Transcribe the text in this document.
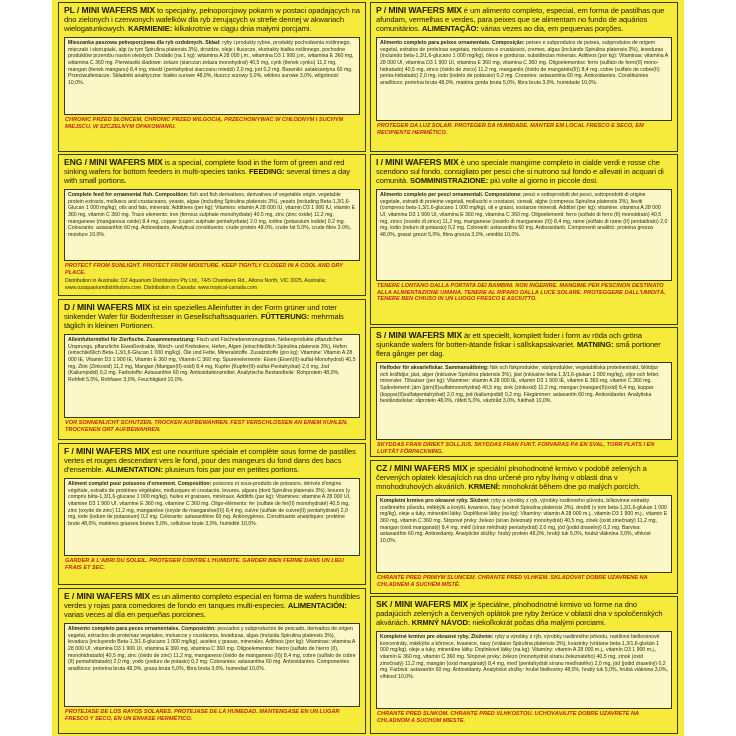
PL / MINI WAFERS MIX to specjalny, pełnoporcjowy pokarm w postaci opadających na dno zielonych i czerwonych wafelków dla ryb żerujących w strefie dennej w akwariach wielogatunkowych. KARMIENIE: kilkakrotnie w ciągu dnia małymi porcjami.
Mieszanka paszowa pełnoporcjowa dla ryb ozdobnych. Skład: ryby i produkty rybne, produkty pochodzenia roślinnego, mięczaki i skorupiaki, algi (w tym Spirulina platensis 3%), drożdże, oleje i tłuszcze, ekstrakty białka roślinnego, pochodne produktów przerobu nasion oleistych. Dodatki (na 1 kg): witamina A 28 000 j.m., witamina D3 1 900 j.m., witamina E 360 mg, witamina C 360 mg. Pierwiastki śladowe: żelazo (siarczan żelaza monohydrat) 40,5 mg, cynk (tlenek cynku) 11,2 mg, mangan (tlenek manganu) 8,4 mg, miedź (pentahydrat siarczanu miedzi) 2,0 mg, jod 0,2 mg. Barwniki: astaksantyna 60 mg. Przeciwutleniacze. Składniki analityczne: białko surowe 48,0%, tłuszcz surowy 5,0%, włókno surowe 3,0%, wilgotność 10,0%.
CHRONIĆ PRZED SŁOŃCEM, CHRONIĆ PRZED WILGOCIĄ. PRZECHOWYWAĆ W CHŁODNYM I SUCHYM MIEJSCU, W SZCZELNYM OPAKOWANIU.
ENG / MINI WAFERS MIX is a special, complete food in the form of green and red sinking wafers for bottom feeders in multi-species tanks. FEEDING: several times a day with small portions.
Complete feed for ornamental fish. Composition: fish and fish derivatives, derivatives of vegetable origin, vegetable protein extracts, molluscs and crustaceans, yeasts, algae (including Spirulina platensis 3%), yeasts (including Beta-1,3/1,6-Glucan 1 000 mg/kg), oils and fats, minerals. Additives (per kg): Vitamins: vitamin A 28 000 IU, vitamin D3 1 900 IU, vitamin E 360 mg, vitamin C 360 mg. Trace elements: iron (ferrous sulphate monohydrate) 40.5 mg, zinc (zinc oxide) 11.2 mg, manganese (manganous oxide) 8.4 mg, copper (cupric sulphate pentahydrate) 2.0 mg, iodine (potassium iodide) 0.2 mg. Colourants: astaxanthin 60 mg. Antioxidants. Analytical constituents: crude protein 48.0%, crude fat 5.0%, crude fibre 3.0%, moisture 10.0%.
PROTECT FROM SUNLIGHT. PROTECT FROM MOISTURE. KEEP TIGHTLY CLOSED IN A COOL AND DRY PLACE.
Distribution in Australia: OZ Aquarium Distributors Pty Ltd., 74/5 Chambers Rd., Altona North, VIC 3025, Australia; www.ozaquariumdistributors.com. Distribution in Canada: www.tropical-canada.com
D / MINI WAFERS MIX ist ein spezielles Alleinfutter in der Form grüner und roter sinkender Wafer für Bodenfresser in Gesellschaftsaquarien. FÜTTERUNG: mehrmals täglich in kleinen Portionen.
Alleinfuttermittel für Zierfische. Zusammensetzung: Fisch und Fischnebenerzeugnisse, Nebenprodukte pflanzlichen Ursprungs, pflanzliche Eiweißextrakte, Weich- und Krebstiere, Hefen, Algen (einschließlich Spirulina platensis 3%), Hefen (einschließlich Beta-1,3/1,6-Glucan 1 000 mg/kg), Öle und Fette, Mineralstoffe. Zusatzstoffe (pro kg): Vitamine: Vitamin A 28 000 IE, Vitamin D3 1 900 IE, Vitamin E 360 mg, Vitamin C 360 mg. Spurenelemente: Eisen (Eisen(II)-sulfat-Monohydrat) 40,5 mg, Zink (Zinkoxid) 11,2 mg, Mangan (Mangan(II)-oxid) 8,4 mg, Kupfer (Kupfer(II)-sulfat-Pentahydrat) 2,0 mg, Jod (Kaliumjodid) 0,2 mg. Farbstoffe: Astaxanthin 60 mg. Antioxidationsmittel. Analytische Bestandteile: Rohprotein 48,0%, Rohfett 5,0%, Rohfaser 3,0%, Feuchtigkeit 10,0%.
VOR SONNENLICHT SCHÜTZEN. TROCKEN AUFBEWAHREN. FEST VERSCHLOSSEN AN EINEM KÜHLEN, TROCKENEN ORT AUFBEWAHREN.
F / MINI WAFERS MIX est une nourriture spéciale et complète sous forme de pastilles vertes et rouges descendant vers le fond, pour des mangeurs du fond dans des bacs d'ensemble. ALIMENTATION: plusieurs fois par jour en petites portions.
Aliment complet pour poissons d'ornement. Composition: poissons et sous-produits de poissons, dérivés d'origine végétale, extraits de protéines végétales, mollusques et crustacés, levures, algues (dont Spirulina platensis 3%), levures (y compris bêta-1,3/1,6-glucane 1 000 mg/kg), huiles et graisses, minéraux. Additifs (par kg): Vitamines: vitamine A 28 000 UI, vitamine D3 1 900 UI, vitamine E 360 mg, vitamine C 360 mg. Oligo-éléments: fer (sulfate de fer(II) monohydraté) 40,5 mg, zinc (oxyde de zinc) 11,2 mg, manganèse (oxyde de manganèse(II)) 8,4 mg, cuivre (sulfate de cuivre(II) pentahydraté) 2,0 mg, iode (iodure de potassium) 0,2 mg. Colorants: astaxanthine 60 mg. Antioxygènes. Constituants analytiques: protéine brute 48,0%, matières grasses brutes 5,0%, cellulose brute 3,0%, humidité 10,0%.
GARDER À L'ABRI DU SOLEIL. PROTÉGER CONTRE L'HUMIDITÉ. GARDER BIEN FERMÉ DANS UN LIEU FRAIS ET SEC.
E / MINI WAFERS MIX es un alimento completo especial en forma de wafers hundibles verdes y rojas para comedores de fondo en tanques multi-especies. ALIMENTACIÓN: varias veces al día en pequeñas porciones.
Alimento completo para peces ornamentales. Composición: pescados y subproductos de pescado, derivados de origen vegetal, extractos de proteínas vegetales, moluscos y crustáceos, levaduras, algas (incluida Spirulina platensis 3%), levadura (incluyendo Beta-1,3/1,6-glucano 1 000 mg/kg), aceites y grasas, minerales. Aditivos (por kg): Vitaminas: vitamina A 28 000 UI, vitamina D3 1 900 UI, vitamina E 360 mg, vitamina C 360 mg. Oligoelementos: hierro (sulfato de hierro (II), monohidratado) 40,5 mg, zinc (óxido de zinc) 11,2 mg, manganeso (óxido de manganeso (II)) 8,4 mg, cobre (sulfato de cobre (II) pentahidratado) 2,0 mg, yodo (yoduro de potasio) 0,2 mg. Colorantes: astaxantina 60 mg. Antioxidantes. Componentes analíticos: proteína bruta 48,0%, grasa bruta 5,0%, fibra bruta 3,0%, humedad 10,0%.
PROTÉJASE DE LOS RAYOS SOLARES. PROTÉJASE DE LA HUMEDAD. MANTÉNGASE EN UN LUGAR FRESCO Y SECO, EN UN ENVASE HERMÉTICO.
P / MINI WAFERS MIX é um alimento completo, especial, em forma de pastilhas que afundam, vermelhas e verdes, para peixes que se alimentam no fundo de aquários comunitários. ALIMENTAÇÃO: várias vezes ao dia, em pequenas porções.
Alimento completo para peixes ornamentais. Composição: peixes e subprodutos de peixes, subprodutos de origem vegetal, extratos de proteínas vegetais, moluscos e crustáceos, cremes, algas (incluindo Spirulina platensis 3%), leveduras (incluindo beta-1,3/1,6-glucano 1 000 mg/kg), óleos e gorduras, substâncias minerais. Aditivos (por kg): Vitaminas: vitamina A 28 000 UI, vitamina D3 1 900 UI, vitamina E 360 mg, vitamina C 360 mg. Oligoelementos: ferro (sulfato de ferro(II) mono-hidratado) 40,5 mg, zinco (óxido de zinco) 11,2 mg, manganês (óxido de manganês(II)) 8,4 mg, cobre (sulfato de cobre(II) penta-hidratado) 2,0 mg, iodo (iodeto de potássio) 0,2 mg. Corantes: astaxantina 60 mg. Antioxidantes. Constituintes analíticos: proteína bruta 48,0%, matéria gorda bruta 5,0%, fibra bruta 3,0%, humidade 10,0%.
PROTEGER DA LUZ SOLAR. PROTEGER DA HUMIDADE. MANTER EM LOCAL FRESCO E SECO, EM RECIPIENTE HERMÉTICO.
I / MINI WAFERS MIX è uno speciale mangime completo in cialde verdi e rosse che scendono sul fondo, consigliato per pesci che si nutrono sul fondo e allevati in acquari di comunità. SOMMINISTRAZIONE: più volte al giorno in piccole dosi.
Alimento completo per pesci ornamentali. Composizione: pesci e sottoprodotti dei pesci, sottoprodotti di origine vegetale, estratti di proteine vegetali, molluschi e crostacei, cereali, alghe (compresa Spirulina platensis 3%), lieviti (compreso beta-1,3/1,6-glucano 1 000 mg/kg), oli e grassi, sostanze minerali. Additivi (per kg): vitamine: vitamina A 28 000 UI, vitamina D3 1 900 UI, vitamina E 360 mg, vitamina C 360 mg. Oligoelementi: ferro (solfato di ferro (II) monoidrato) 40,5 mg, zinco (ossido di zinco) 11,2 mg, manganese (ossido di manganese (II)) 8,4 mg, rame (solfato di rame (II) pentaidrato) 2,0 mg, iodio (ioduro di potassio) 0,2 mg. Coloranti: astaxantina 60 mg. Antiossidanti. Componenti analitici: proteina grezza 48,0%, grassi grezzi 5,0%, fibra grezza 3,0%, umidità 10,0%.
TENERE LONTANO DALLA PORTATA DEI BAMBINI. NON INGERIRE. MANGIME PER PESCINON DESTINATO ALLA ALIMENTAZIONE UMANA. TENERE AL RIPARO DALLA LUCE SOLARE. PROTEGGERE DALL'UMIDITÀ. TENERE BEN CHIUSO IN UN LUOGO FRESCO E ASCIUTTO.
S / MINI WAFERS MIX är ett speciellt, komplett foder i form av röda och gröna sjunkande wafers för botten-ätande fiskar i sällskapsakvariet. MATNING: små portioner flera gånger per dag.
Helfoder för akvariefiskar. Sammansättning: fisk och fiskprodukter, växtprodukter, vegetabiliska proteinextrakt, blötdjur och kräftdjur, jäst, alger (inklusive Spirulina platensis 3%), jäst (inklusive beta-1,3/1,6-glukan 1 000 mg/kg), oljor och fetter, mineraler. Tillsatser (per kg): Vitaminer: vitamin A 28 000 IE, vitamin D3 1 900 IE, vitamin E 360 mg, vitamin C 360 mg. Spårelement: järn (järn(II)sulfatmonohydrat) 40,5 mg, zink (zinkoxid) 11,2 mg, mangan (mangan(II)oxid) 8,4 mg, koppar (koppar(II)sulfatpentahydrat) 2,0 mg, jod (kaliumjodid) 0,2 mg. Färgämnen: astaxantin 60 mg. Antioxidanter. Analytiska beståndsdelar: råprotein 48,0%, råfett 5,0%, växttråd 3,0%, fukthalt 10,0%.
SKYDDAS FRÅN DIREKT SOLLJUS. SKYDDAS FRÅN FUKT. FÖRVARAS PÅ EN SVAL, TORR PLATS I EN LUFTÄT FÖRPACKNING.
CZ / MINI WAFERS MIX je speciální plnohodnotné krmivo v podobě zelených a červených oplatek klesajících na dno určené pro ryby living v oblasti dna v mnohodruhových akváriích. KRMENÍ: mnohokrát během dne po malých porcích.
Kompletní krmivo pro okrasné ryby. Složení: ryby a výrobky z ryb, výrobky rostlinného původu, bílkovinné extrakty rostlinného původu, měkkýši a korýši, kvasnice, řasy (včetně Spirulina platensis 3%), droždí (v tom beta-1,3/1,6-glukan 1 000 mg/kg), oleje a tuky, minerální látky. Doplňkové látky (na kg): Vitamíny: vitamin A 28 000 m.j., vitamin D3 1 900 m.j., vitamin E 360 mg, vitamin C 360 mg. Stopové prvky: železo (síran železnatý monohydrát) 40,5 mg, zinek (oxid zinečnatý) 11,2 mg, mangan (oxid manganatý) 8,4 mg, měď (síran měďnatý pentahydrát) 2,0 mg, jód (jodid draselný) 0,2 mg. Barviva: astaxanthin 60 mg. Antioxidanty. Analytické složky: hrubý protein 48,0%, hrubý tuk 5,0%, hrubá vláknina 3,0%, vlhkost 10,0%.
CHRAŇTE PŘED PŘÍMÝM SLUNCEM. CHRAŇTE PŘED VLHKEM. SKLADOVAT DOBŘE UZAVŘENÉ NA CHLADNÉM A SUCHÉM MÍSTĚ.
SK / MINI WAFERS MIX je špeciálne, plnohodnotné krmivo vo forme na dno padajúcich zelených a červených oplátok pre ryby žerúce v oblasti dna v spoločenských akváriách. KRMNÝ NÁVOD: niekoľkokrát počas dňa malými porciami.
Kompletné krmivo pre okrasné ryby. Zloženie: ryby a výrobky z rýb, výrobky rastlinného pôvodu, rastlinné bielkovinové koncentráty, mäkkýše a kôrovce, kvasnice, riasy (vrátane Spirulina platensis 3%), kvasinky (vrátane beta-1,3/1,6-glukán 1 000 mg/kg), oleje a tuky, minerálne látky. Doplnkové látky (na kg): Vitamíny: vitamín A 28 000 m.j., vitamín D3 1 900 m.j., vitamín E 360 mg, vitamín C 360 mg. Stopové prvky: železo (monohydrát síranu železnatého) 40,5 mg, zinok (oxid zinočnatý) 11,2 mg, mangán (oxid mangánatý) 8,4 mg, meď (pentahydrát síranu meďnatého) 2,0 mg, jód (jodid draselný) 0,2 mg. Farbivá: astaxantín 60 mg. Antioxidanty. Analytické zložky: hrubé bielkoviny 48,0%, hrubý tuk 5,0%, hrubá vláknina 3,0%, vlhkosť 10,0%.
CHRÁŇTE PRED SLNKOM. CHRÁŇTE PRED VLHKOSŤOU. UCHOVÁVAJTE DOBRE UZAVRETÉ NA CHLADNOM A SUCHOM MIESTE.
